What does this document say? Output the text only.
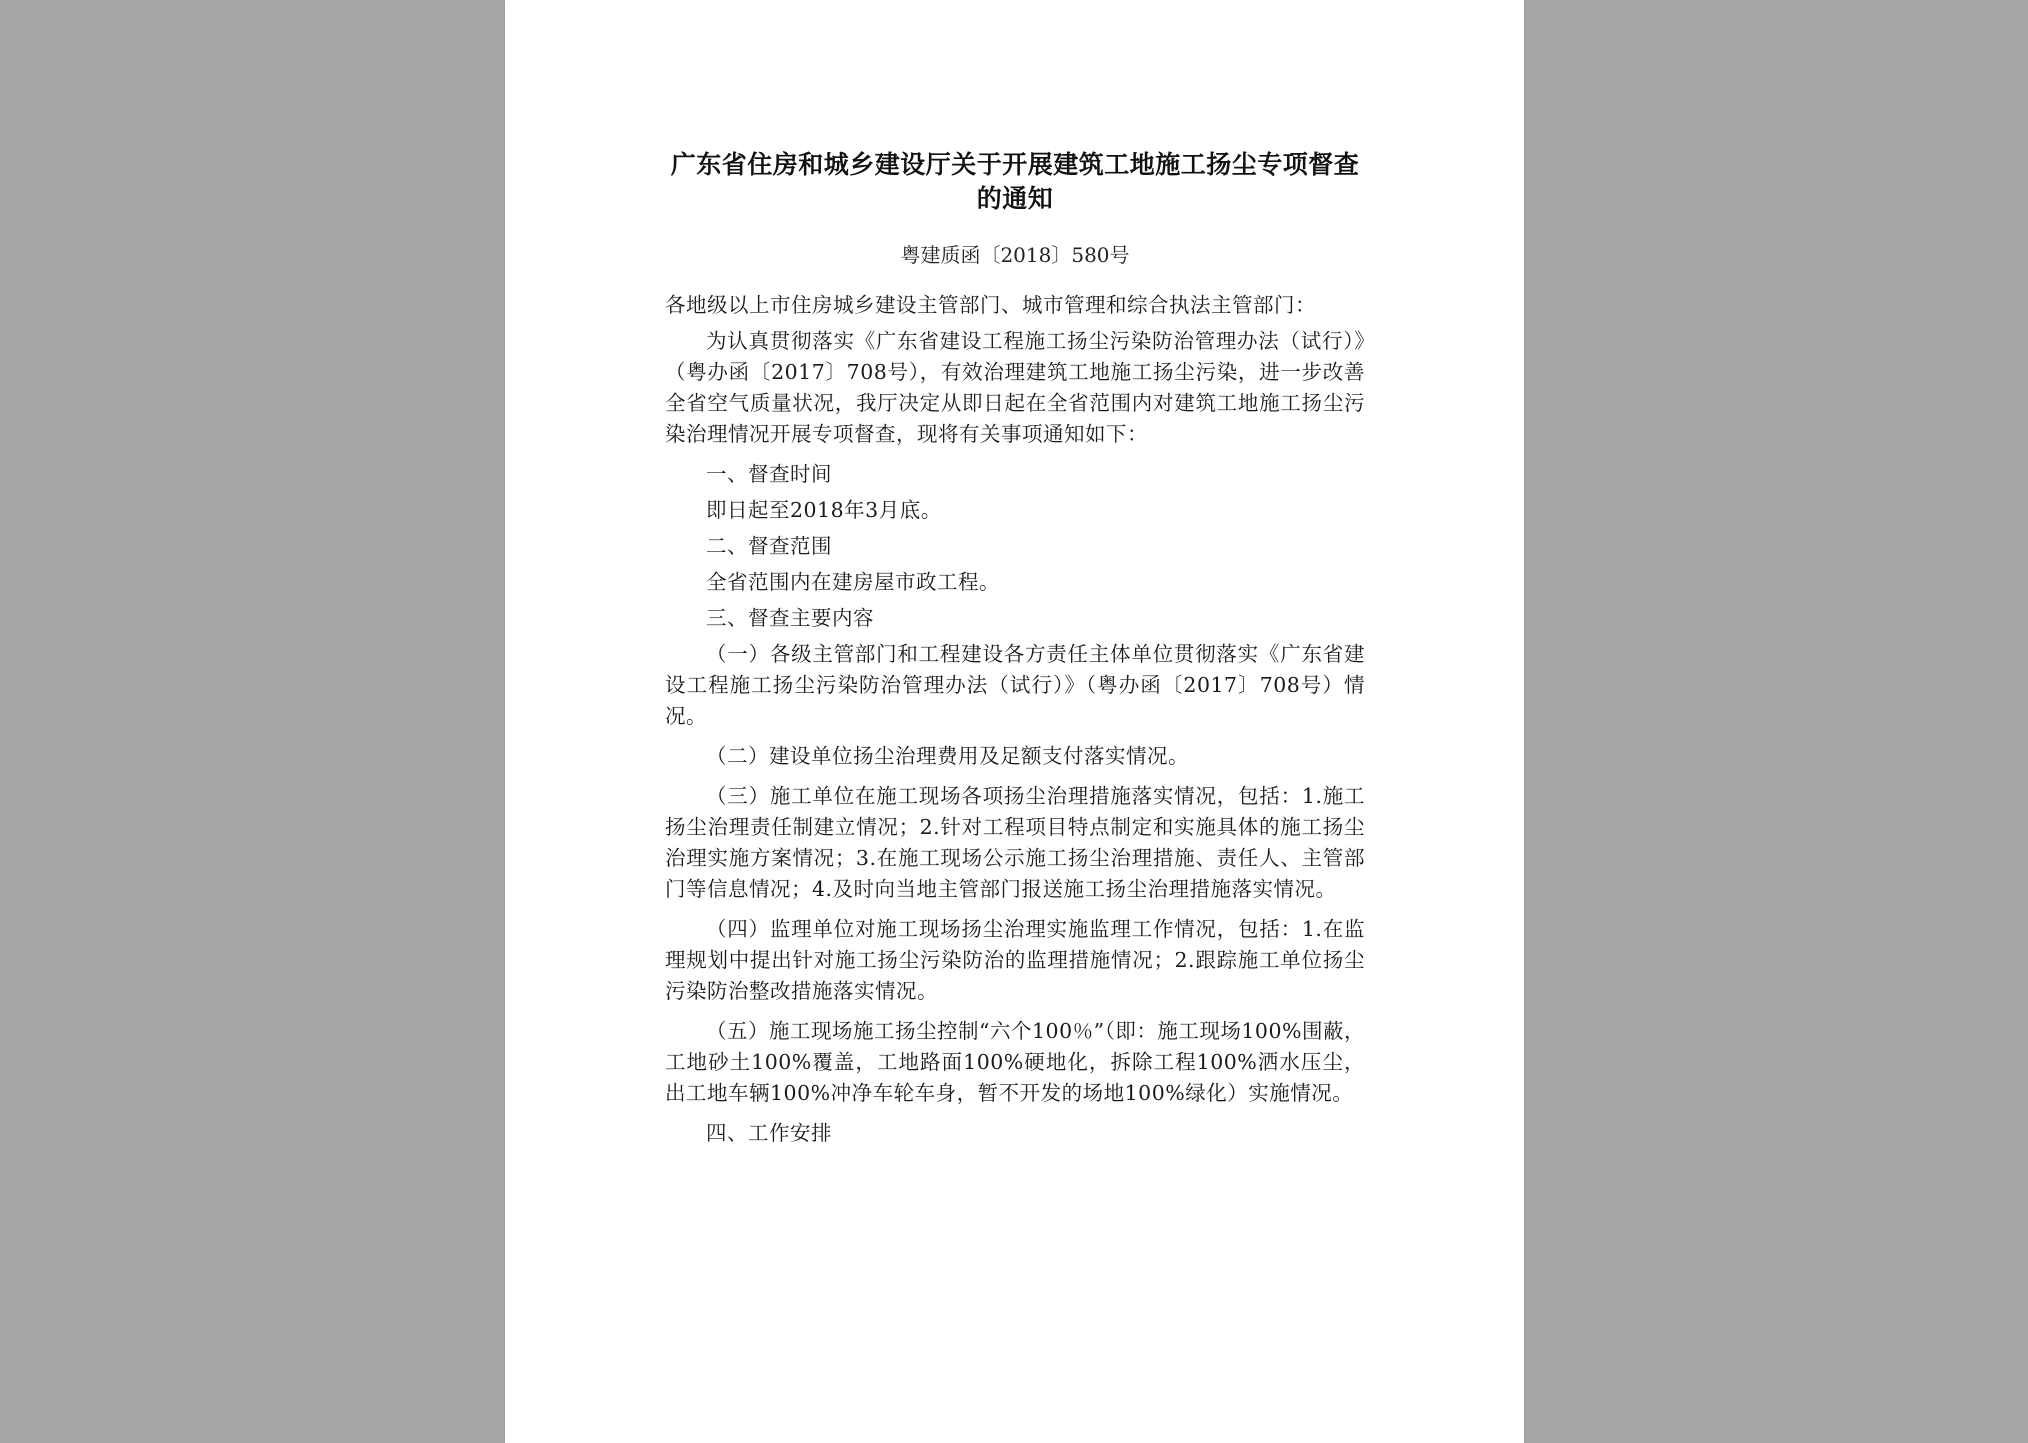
广东省住房和城乡建设厅关于开展建筑工地施工扬尘专项督查的通知
粤建质函〔2018〕580号
各地级以上市住房城乡建设主管部门、城市管理和综合执法主管部门：

为认真贯彻落实《广东省建设工程施工扬尘污染防治管理办法（试行）》（粤办函〔2017〕708号），有效治理建筑工地施工扬尘污染，进一步改善全省空气质量状况，我厅决定从即日起在全省范围内对建筑工地施工扬尘污染治理情况开展专项督查，现将有关事项通知如下：

一、督查时间

即日起至2018年3月底。

二、督查范围

全省范围内在建房屋市政工程。

三、督查主要内容

（一）各级主管部门和工程建设各方责任主体单位贯彻落实《广东省建设工程施工扬尘污染防治管理办法（试行）》（粤办函〔2017〕708号）情况。

（二）建设单位扬尘治理费用及足额支付落实情况。

（三）施工单位在施工现场各项扬尘治理措施落实情况，包括：1.施工扬尘治理责任制建立情况；2.针对工程项目特点制定和实施具体的施工扬尘治理实施方案情况；3.在施工现场公示施工扬尘治理措施、责任人、主管部门等信息情况；4.及时向当地主管部门报送施工扬尘治理措施落实情况。

（四）监理单位对施工现场扬尘治理实施监理工作情况，包括：1.在监理规划中提出针对施工扬尘污染防治的监理措施情况；2.跟踪施工单位扬尘污染防治整改措施落实情况。

（五）施工现场施工扬尘控制“六个100％”（即：施工现场100%围蔽，工地砂土100%覆盖，工地路面100%硬地化，拆除工程100%洒水压尘，出工地车辆100%冲净车轮车身，暂不开发的场地100%绿化）实施情况。

四、工作安排
